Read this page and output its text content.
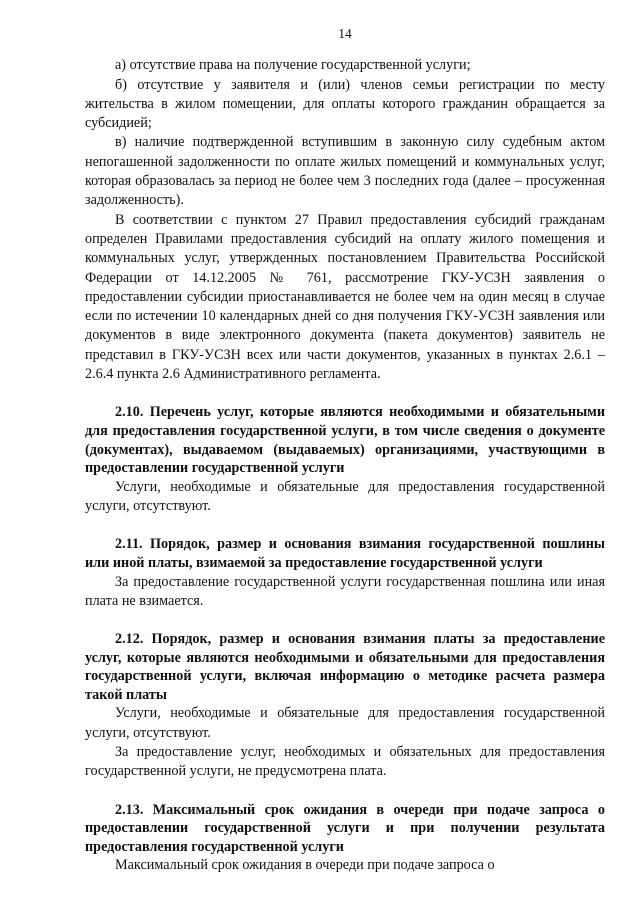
14

а) отсутствие права на получение государственной услуги;

б) отсутствие у заявителя и (или) членов семьи регистрации по месту жительства в жилом помещении, для оплаты которого гражданин обращается за субсидией;

в) наличие подтвержденной вступившим в законную силу судебным актом непогашенной задолженности по оплате жилых помещений и коммунальных услуг, которая образовалась за период не более чем 3 последних года (далее – просуженная задолженность).

В соответствии с пунктом 27 Правил предоставления субсидий гражданам определен Правилами предоставления субсидий на оплату жилого помещения и коммунальных услуг, утвержденных постановлением Правительства Российской Федерации от 14.12.2005 № 761, рассмотрение ГКУ-УСЗН заявления о предоставлении субсидии приостанавливается не более чем на один месяц в случае если по истечении 10 календарных дней со дня получения ГКУ-УСЗН заявления или документов в виде электронного документа (пакета документов) заявитель не представил в ГКУ-УСЗН всех или части документов, указанных в пунктах 2.6.1 – 2.6.4 пункта 2.6 Административного регламента.

2.10. Перечень услуг, которые являются необходимыми и обязательными для предоставления государственной услуги, в том числе сведения о документе (документах), выдаваемом (выдаваемых) организациями, участвующими в предоставлении государственной услуги

Услуги, необходимые и обязательные для предоставления государственной услуги, отсутствуют.

2.11. Порядок, размер и основания взимания государственной пошлины или иной платы, взимаемой за предоставление государственной услуги

За предоставление государственной услуги государственная пошлина или иная плата не взимается.

2.12. Порядок, размер и основания взимания платы за предоставление услуг, которые являются необходимыми и обязательными для предоставления государственной услуги, включая информацию о методике расчета размера такой платы

Услуги, необходимые и обязательные для предоставления государственной услуги, отсутствуют.

За предоставление услуг, необходимых и обязательных для предоставления государственной услуги, не предусмотрена плата.

2.13. Максимальный срок ожидания в очереди при подаче запроса о предоставлении государственной услуги и при получении результата предоставления государственной услуги

Максимальный срок ожидания в очереди при подаче запроса о
